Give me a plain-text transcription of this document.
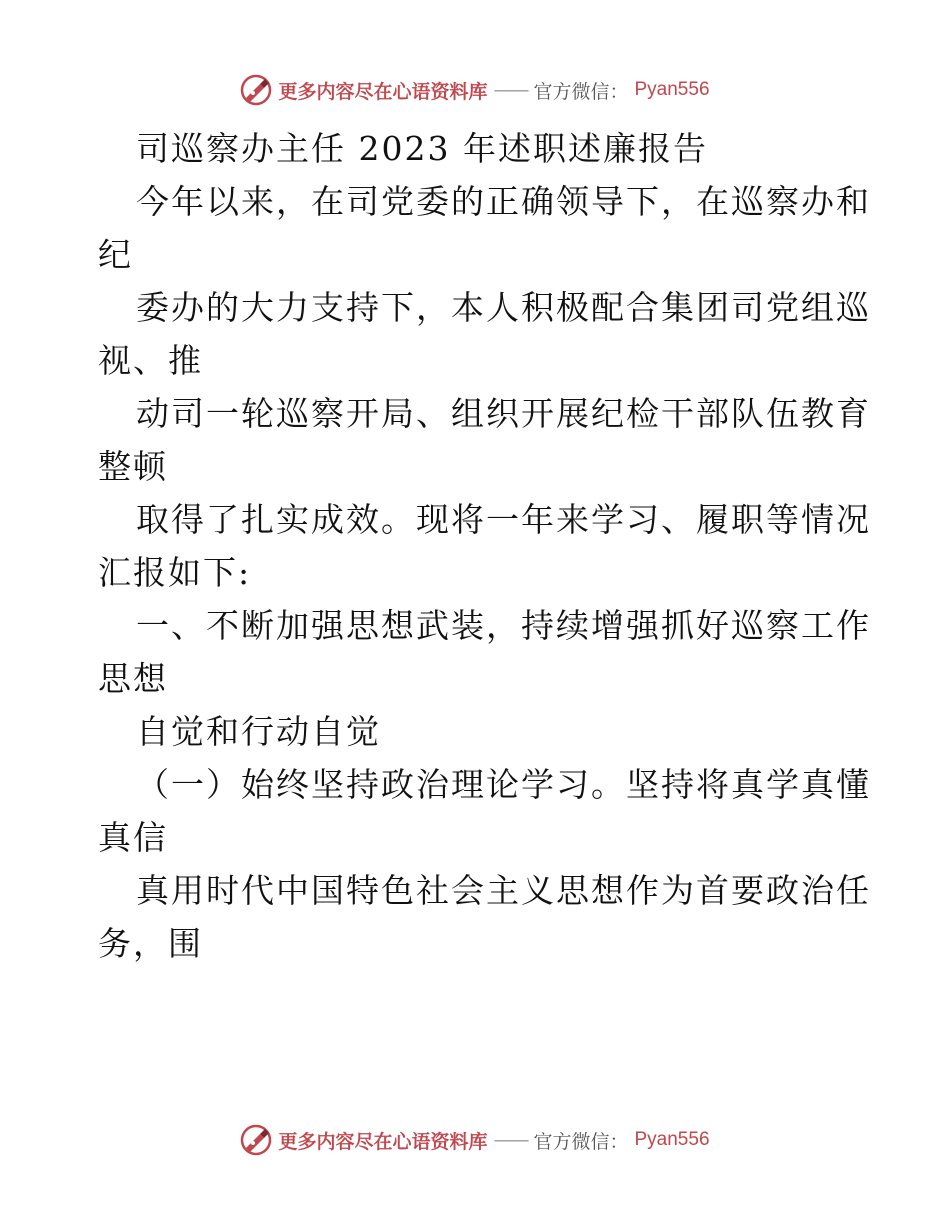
更多内容尽在心语资料库 —— 官方微信： Pyan556
司巡察办主任 2023 年述职述廉报告
今年以来，在司党委的正确领导下，在巡察办和
纪
委办的大力支持下，本人积极配合集团司党组巡
视、推
动司一轮巡察开局、组织开展纪检干部队伍教育
整顿
取得了扎实成效。现将一年来学习、履职等情况
汇报如下:
一、不断加强思想武装，持续增强抓好巡察工作
思想
自觉和行动自觉
（一）始终坚持政治理论学习。坚持将真学真懂
真信
真用时代中国特色社会主义思想作为首要政治任
务，围
更多内容尽在心语资料库 —— 官方微信： Pyan556
